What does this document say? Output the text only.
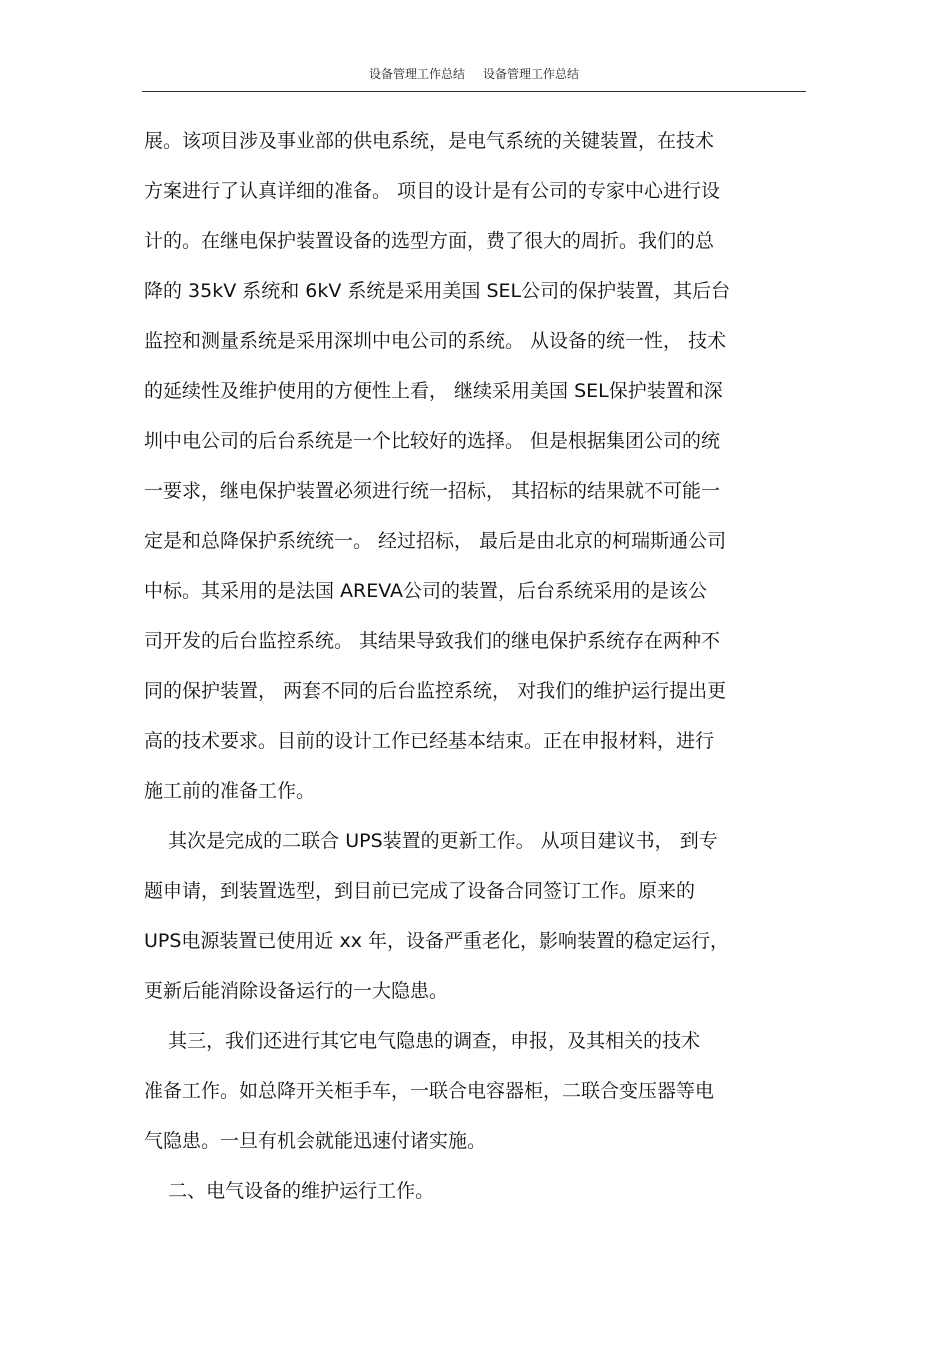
设备管理工作总结 设备管理工作总结
展。该项目涉及事业部的供电系统，是电气系统的关键装置，在技术
方案进行了认真详细的准备。 项目的设计是有公司的专家中心进行设
计的。在继电保护装置设备的选型方面，费了很大的周折。我们的总
降的 35kV 系统和 6kV 系统是采用美国 SEL公司的保护装置，其后台
监控和测量系统是采用深圳中电公司的系统。 从设备的统一性， 技术
的延续性及维护使用的方便性上看， 继续采用美国 SEL保护装置和深
圳中电公司的后台系统是一个比较好的选择。 但是根据集团公司的统
一要求，继电保护装置必须进行统一招标， 其招标的结果就不可能一
定是和总降保护系统统一。 经过招标， 最后是由北京的柯瑞斯通公司
中标。其采用的是法国 AREVA公司的装置，后台系统采用的是该公
司开发的后台监控系统。 其结果导致我们的继电保护系统存在两种不
同的保护装置， 两套不同的后台监控系统， 对我们的维护运行提出更
高的技术要求。目前的设计工作已经基本结束。正在申报材料，进行
施工前的准备工作。
其次是完成的二联合 UPS装置的更新工作。 从项目建议书， 到专
题申请，到装置选型，到目前已完成了设备合同签订工作。原来的
UPS电源装置已使用近 xx 年，设备严重老化，影响装置的稳定运行，
更新后能消除设备运行的一大隐患。
其三，我们还进行其它电气隐患的调查，申报，及其相关的技术
准备工作。如总降开关柜手车，一联合电容器柜，二联合变压器等电
气隐患。一旦有机会就能迅速付诸实施。
二、电气设备的维护运行工作。
